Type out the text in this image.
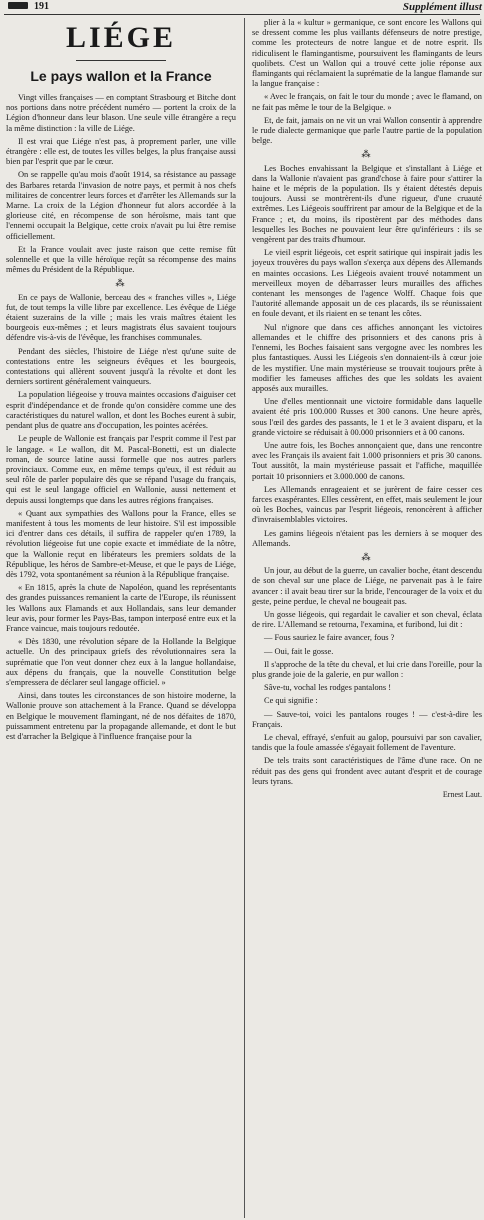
191	Supplément illust
LIÉGE
Le pays wallon et la France

Vingt villes françaises — en comptant Strasbourg et Bitche dont nos portions dans notre précédent numéro — portent la croix de la Légion d'honneur dans leur blason. Une seule ville étrangère a reçu la même distinction : la ville de Liége.

Il est vrai que Liége n'est pas, à proprement parler, une ville étrangère : elle est, de toutes les villes belges, la plus française aussi bien par l'esprit que par le cœur.

On se rappelle qu'au mois d'août 1914, sa résistance au passage des Barbares retarda l'invasion de notre pays, et permit à nos chefs militaires de concentrer leurs forces et d'arrêter les Allemands sur la Marne. La croix de la Légion d'honneur fut alors accordée à la glorieuse cité, en récompense de son héroïsme, mais tant que l'ennemi occupait la Belgique, cette croix n'avait pu lui être remise officiellement.

Et la France voulait avec juste raison que cette remise fût solennelle et que la ville héroïque reçût sa récompense des mains mêmes du Président de la République.

⁂

En ce pays de Wallonie, berceau des « franches villes », Liége fut, de tout temps la ville libre par excellence. Les évêque de Liége étaient suzerains de la ville ; mais les vrais maîtres étaient les bourgeois eux-mêmes ; et leurs magistrats élus savaient toujours défendre vis-à-vis de l'évêque, les franchises communales.

Pendant des siècles, l'histoire de Liége n'est qu'une suite de contestations entre les seigneurs évêques et les bourgeois, contestations qui allèrent souvent jusqu'à la révolte et dont les derniers sortirent généralement vainqueurs.

La population liégeoise y trouva maintes occasions d'aiguiser cet esprit d'indépendance et de fronde qu'on considère comme une des caractéristiques du naturel wallon, et dont les Boches eurent à subir, pendant plus de quatre ans d'occupation, les pointes acérées.

Le peuple de Wallonie est français par l'esprit comme il l'est par le langage. « Le wallon, dit M. Pascal-Bonetti, est un dialecte roman, de source latine aussi formelle que nos autres parlers provinciaux. Comme eux, en même temps qu'eux, il est réduit au seul rôle de parler populaire dès que se répand l'usage du français, qui est le seul langage officiel en Wallonie, aussi nettement et depuis aussi longtemps que dans les autres régions françaises.

« Quant aux sympathies des Wallons pour la France, elles se manifestent à tous les moments de leur histoire. S'il est impossible ici d'entrer dans ces détails, il suffira de rappeler qu'en 1789, la révolution liégeoise fut une copie exacte et immédiate de la nôtre, que la Wallonie reçut en libérateurs les premiers soldats de la République, les héros de Sambre-et-Meuse, et que le pays de Liége, dès 1792, vota spontanément sa réunion à la République française.

« En 1815, après la chute de Napoléon, quand les représentants des grandes puissances remanient la carte de l'Europe, ils réunissent les Wallons aux Flamands et aux Hollandais, sans leur demander leur avis, pour former les Pays-Bas, tampon interposé entre eux et la France vaincue, mais toujours redoutée.

« Dès 1830, une révolution sépare de la Hollande la Belgique actuelle. Un des principaux griefs des révolutionnaires sera la suprématie que l'on veut donner chez eux à la langue hollandaise, aux dépens du français, que la nouvelle Constitution belge s'empressera de déclarer seul langage officiel. »

Ainsi, dans toutes les circonstances de son histoire moderne, la Wallonie prouve son attachement à la France. Quand se développa en Belgique le mouvement flamingant, né de nos défaites de 1870, puissamment entretenu par la propagande allemande, et dont le but est d'arracher la Belgique à l'influence française pour la

plier à la « kultur » germanique, ce sont encore les Wallons qui se dressent comme les plus vaillants défenseurs de notre prestige, comme les protecteurs de notre langue et de notre esprit. Ils ridiculisent le flamingantisme, poursuivent les flamingants de leurs quolibets. C'est un Wallon qui a trouvé cette jolie réponse aux flamingants qui réclamaient la suprématie de la langue flamande sur la langue française :

« Avec le français, on fait le tour du monde ; avec le flamand, on ne fait pas même le tour de la Belgique. »

Et, de fait, jamais on ne vit un vrai Wallon consentir à apprendre le rude dialecte germanique que parle l'autre partie de la population belge.

⁂

Les Boches envahissant la Belgique et s'installant à Liége et dans la Wallonie n'avaient pas grand'chose à faire pour s'attirer la haine et le mépris de la population. Ils y étaient détestés depuis toujours. Aussi se montrèrent-ils d'une rigueur, d'une cruauté extrêmes. Les Liégeois souffrirent par amour de la Belgique et de la France ; et, du moins, ils ripostèrent par des méthodes dans lesquelles les Boches ne pouvaient leur être qu'inférieurs : ils se vengèrent par des traits d'humour.

Le vieil esprit liégeois, cet esprit satirique qui inspirait jadis les joyeux trouvères du pays wallon s'exerça aux dépens des Allemands en maintes occasions. Les Liégeois avaient trouvé notamment un merveilleux moyen de débarrasser leurs murailles des affiches contenant les mensonges de l'agence Wolff. Chaque fois que l'autorité allemande apposait un de ces placards, ils se réunissaient en foule devant, et ils riaient en se tenant les côtes.

Nul n'ignore que dans ces affiches annonçant les victoires allemandes et le chiffre des prisonniers et des canons pris à l'ennemi, les Boches faisaient sans vergogne avec les nombres les plus fantastiques. Aussi les Liégeois s'en donnaient-ils à cœur joie de les mystifier. Une main mystérieuse se trouvait toujours prête à modifier les fameuses affiches des que les soldats les avaient apposés aux murailles.

Une d'elles mentionnait une victoire formidable dans laquelle avaient été pris 100.000 Russes et 300 canons. Une heure après, sous l'œil des gardes des passants, le 1 et le 3 avaient disparu, et la grande victoire se réduisait à 00.000 prisonniers et à 00 canons.

Une autre fois, les Boches annonçaient que, dans une rencontre avec les Français ils avaient fait 1.000 prisonniers et pris 30 canons. Tout aussitôt, la main mystérieuse passait et l'affiche, maquillée portait 10 prisonniers et 3.000.000 de canons.

Les Allemands enrageaient et se jurèrent de faire cesser ces farces exaspérantes. Elles cessèrent, en effet, mais seulement le jour où les Boches, vaincus par l'esprit liégeois, renoncèrent à afficher d'invraisemblables victoires.

Les gamins liégeois n'étaient pas les derniers à se moquer des Allemands.

⁂

Un jour, au début de la guerre, un cavalier boche, étant descendu de son cheval sur une place de Liége, ne parvenait pas à le faire avancer : il avait beau tirer sur la bride, l'encourager de la voix et du geste, peine perdue, le cheval ne bougeait pas.

Un gosse liégeois, qui regardait le cavalier et son cheval, éclata de rire. L'Allemand se retourna, l'examina, et furibond, lui dit :

— Fous sauriez le faire avancer, fous ?

— Oui, fait le gosse.

Il s'approche de la tête du cheval, et lui crie dans l'oreille, pour la plus grande joie de la galerie, en pur wallon :

Sâve-tu, vochal les rodges pantalons !

Ce qui signifie :

— Sauve-toi, voici les pantalons rouges ! — c'est-à-dire les Français.

Le cheval, effrayé, s'enfuit au galop, poursuivi par son cavalier, tandis que la foule amassée s'égayait follement de l'aventure.

De tels traits sont caractéristiques de l'âme d'une race. On ne réduit pas des gens qui frondent avec autant d'esprit et de courage leurs tyrans.

Ernest Laut.
